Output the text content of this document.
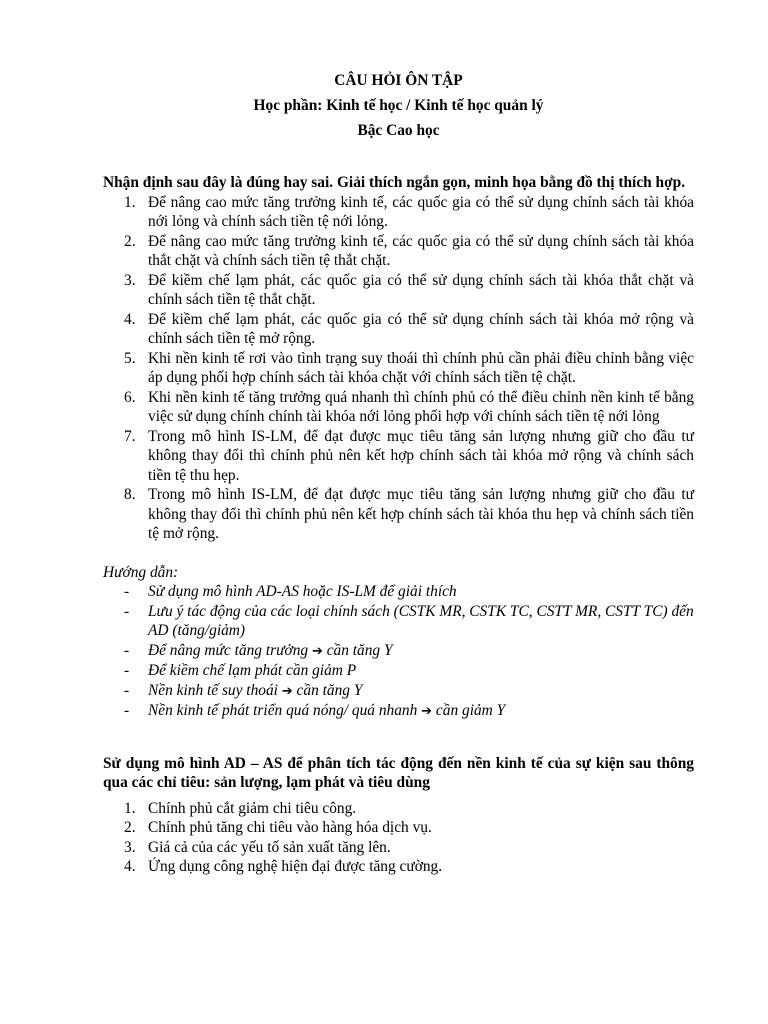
CÂU HỎI ÔN TẬP
Học phần: Kinh tế học / Kinh tế học quản lý
Bậc Cao học
Nhận định sau đây là đúng hay sai. Giải thích ngắn gọn, minh họa bằng đồ thị thích hợp.
1. Để nâng cao mức tăng trưởng kinh tế, các quốc gia có thể sử dụng chính sách tài khóa nới lỏng và chính sách tiền tệ nới lỏng.
2. Để nâng cao mức tăng trưởng kinh tế, các quốc gia có thể sử dụng chính sách tài khóa thắt chặt và chính sách tiền tệ thắt chặt.
3. Để kiềm chế lạm phát, các quốc gia có thể sử dụng chính sách tài khóa thắt chặt và chính sách tiền tệ thắt chặt.
4. Để kiềm chế lạm phát, các quốc gia có thể sử dụng chính sách tài khóa mở rộng và chính sách tiền tệ mở rộng.
5. Khi nền kinh tế rơi vào tình trạng suy thoái thì chính phủ cần phải điều chỉnh bằng việc áp dụng phối hợp chính sách tài khóa chặt với chính sách tiền tệ chặt.
6. Khi nền kinh tế tăng trưởng quá nhanh thì chính phủ có thể điều chỉnh nền kinh tế bằng việc sử dụng chính chính tài khóa nới lỏng phối hợp với chính sách tiền tệ nới lỏng
7. Trong mô hình IS-LM, để đạt được mục tiêu tăng sản lượng nhưng giữ cho đầu tư không thay đổi thì chính phủ nên kết hợp chính sách tài khóa mở rộng và chính sách tiền tệ thu hẹp.
8. Trong mô hình IS-LM, để đạt được mục tiêu tăng sản lượng nhưng giữ cho đầu tư không thay đổi thì chính phủ nên kết hợp chính sách tài khóa thu hẹp và chính sách tiền tệ mở rộng.
Hướng dẫn:
- Sử dụng mô hình AD-AS hoặc IS-LM để giải thích
- Lưu ý tác động của các loại chính sách (CSTK MR, CSTK TC, CSTT MR, CSTT TC) đến AD (tăng/giảm)
- Để nâng mức tăng trưởng ➔ cần tăng Y
- Để kiềm chế lạm phát cần giảm P
- Nền kinh tế suy thoái ➔ cần tăng Y
- Nền kinh tế phát triển quá nóng/ quá nhanh ➔ cần giảm Y
Sử dụng mô hình AD – AS để phân tích tác động đến nền kinh tế của sự kiện sau thông qua các chỉ tiêu: sản lượng, lạm phát và tiêu dùng
1. Chính phủ cắt giảm chi tiêu công.
2. Chính phủ tăng chi tiêu vào hàng hóa dịch vụ.
3. Giá cả của các yếu tố sản xuất tăng lên.
4. Ứng dụng công nghệ hiện đại được tăng cường.
